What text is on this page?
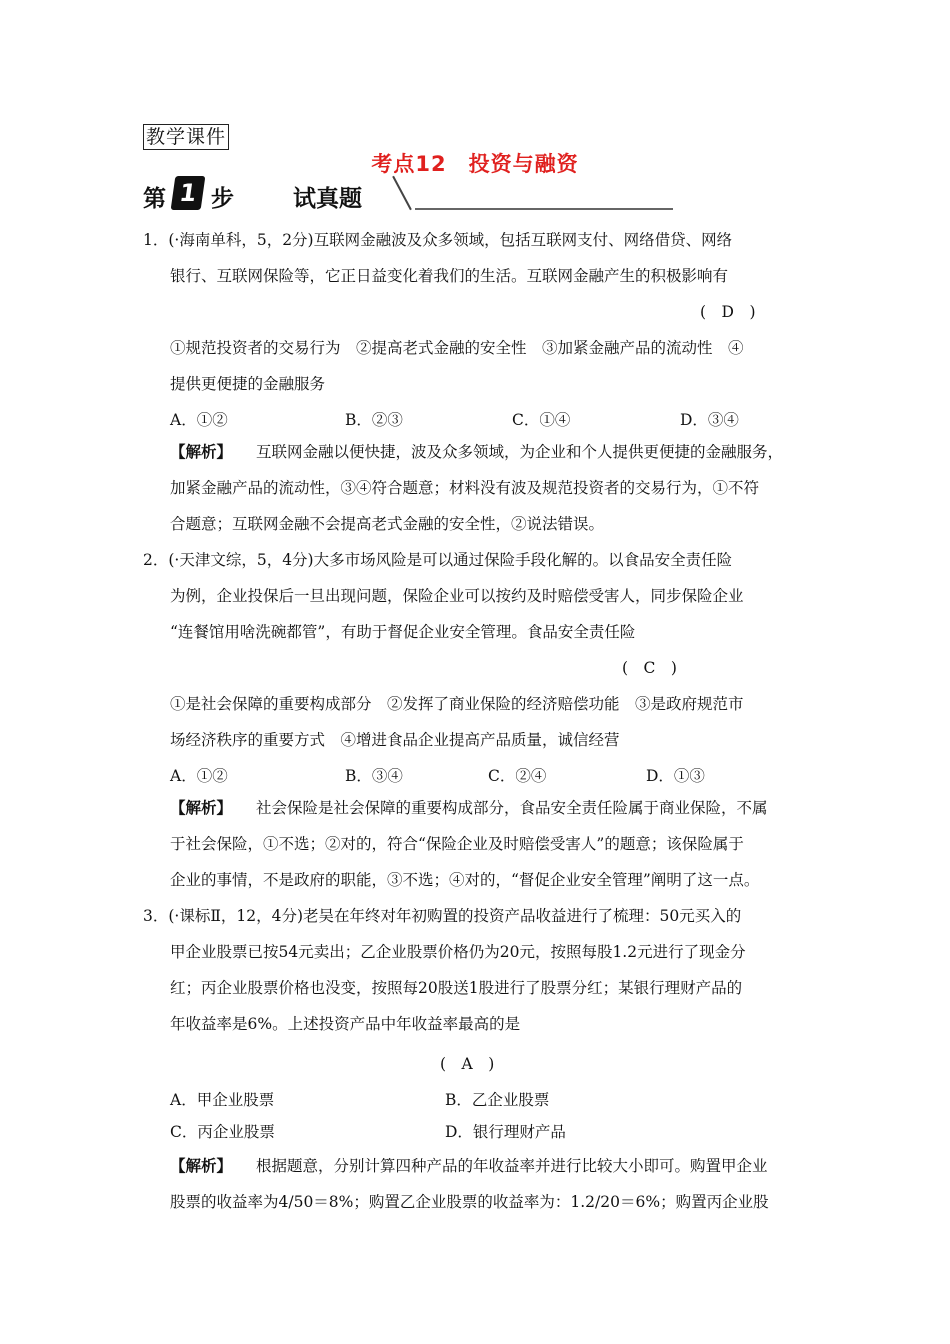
教学课件
考点12　投资与融资
第 1 步	试真题
1．(·海南单科，5，2分)互联网金融波及众多领域，包括互联网支付、网络借贷、网络
银行、互联网保险等，它正日益变化着我们的生活。互联网金融产生的积极影响有
(　D　)
①规范投资者的交易行为　②提高老式金融的安全性　③加紧金融产品的流动性　④
提供更便捷的金融服务
A．①②	B．②③	C．①④	D．③④
【解析】 互联网金融以便快捷，波及众多领域，为企业和个人提供更便捷的金融服务，
加紧金融产品的流动性，③④符合题意；材料没有波及规范投资者的交易行为，①不符
合题意；互联网金融不会提高老式金融的安全性，②说法错误。
2．(·天津文综，5，4分)大多市场风险是可以通过保险手段化解的。以食品安全责任险
为例，企业投保后一旦出现问题，保险企业可以按约及时赔偿受害人，同步保险企业
“连餐馆用啥洗碗都管”，有助于督促企业安全管理。食品安全责任险
(　C　)
①是社会保障的重要构成部分　②发挥了商业保险的经济赔偿功能　③是政府规范市
场经济秩序的重要方式　④增进食品企业提高产品质量，诚信经营
A．①②	B．③④	C．②④	D．①③
【解析】 社会保险是社会保障的重要构成部分，食品安全责任险属于商业保险，不属
于社会保险，①不选；②对的，符合“保险企业及时赔偿受害人”的题意；该保险属于
企业的事情，不是政府的职能，③不选；④对的，“督促企业安全管理”阐明了这一点。
3．(·课标Ⅱ，12，4分)老吴在年终对年初购置的投资产品收益进行了梳理：50元买入的
甲企业股票已按54元卖出；乙企业股票价格仍为20元，按照每股1.2元进行了现金分
红；丙企业股票价格也没变，按照每20股送1股进行了股票分红；某银行理财产品的
年收益率是6%。上述投资产品中年收益率最高的是
(　A　)
A．甲企业股票	B．乙企业股票
C．丙企业股票	D．银行理财产品
【解析】 根据题意，分别计算四种产品的年收益率并进行比较大小即可。购置甲企业
股票的收益率为4/50＝8%；购置乙企业股票的收益率为：1.2/20＝6%；购置丙企业股
